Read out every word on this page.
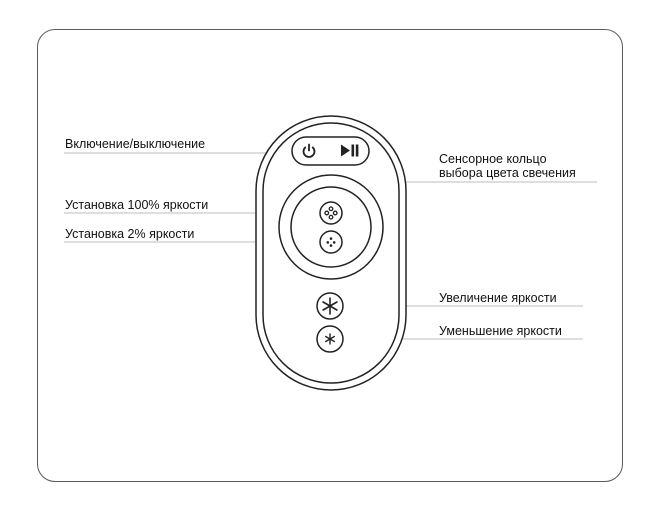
Включение/выключение
Сенсорное кольцо
выбора цвета свечения
Установка 100% яркости
Установка 2% яркости
Увеличение яркости
Уменьшение яркости
